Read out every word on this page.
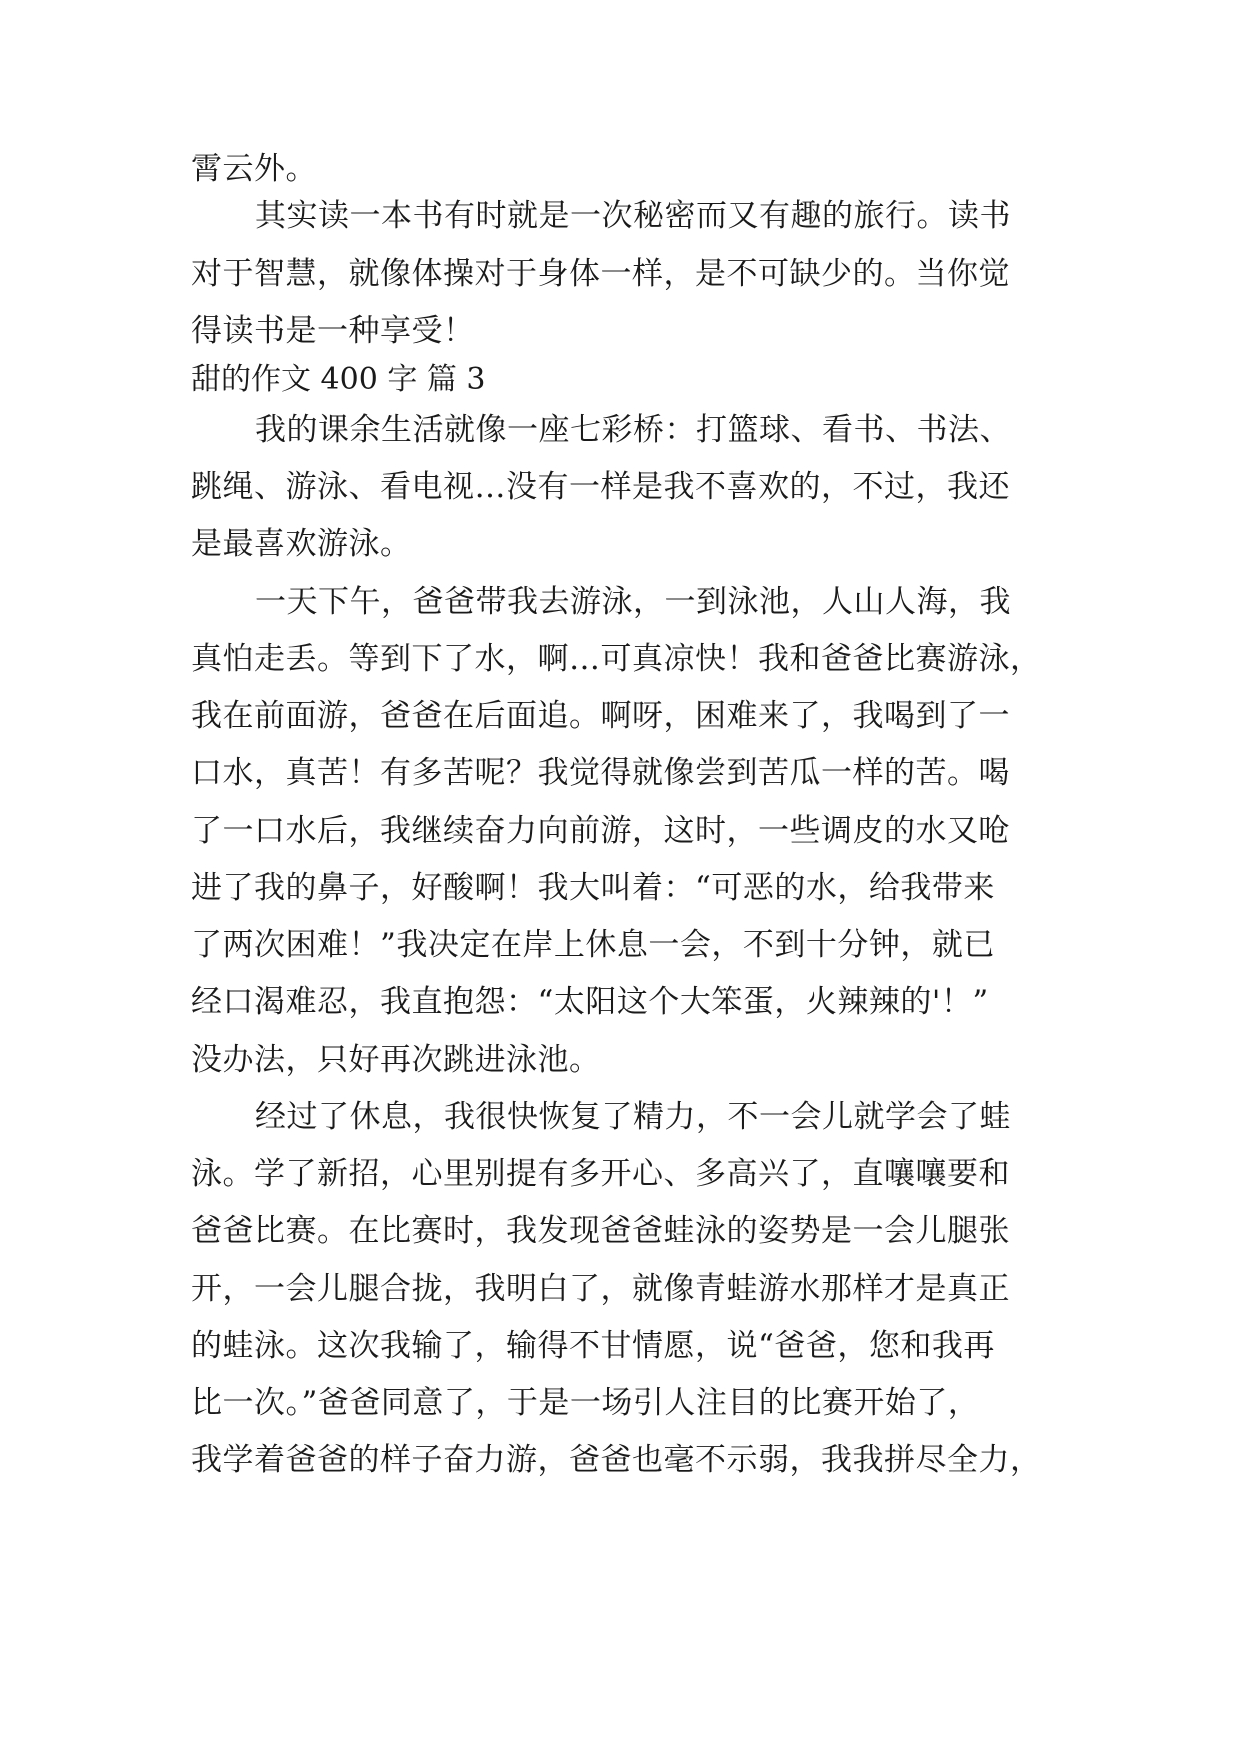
霄云外。
其实读一本书有时就是一次秘密而又有趣的旅行。读书
对于智慧，就像体操对于身体一样，是不可缺少的。当你觉
得读书是一种享受！
甜的作文 400 字 篇 3
我的课余生活就像一座七彩桥：打篮球、看书、书法、
跳绳、游泳、看电视…没有一样是我不喜欢的，不过，我还
是最喜欢游泳。
一天下午，爸爸带我去游泳，一到泳池，人山人海，我
真怕走丢。等到下了水，啊…可真凉快！我和爸爸比赛游泳，
我在前面游，爸爸在后面追。啊呀，困难来了，我喝到了一
口水，真苦！有多苦呢？我觉得就像尝到苦瓜一样的苦。喝
了一口水后，我继续奋力向前游，这时，一些调皮的水又呛
进了我的鼻子，好酸啊！我大叫着：“可恶的水，给我带来
了两次困难！”我决定在岸上休息一会，不到十分钟，就已
经口渴难忍，我直抱怨：“太阳这个大笨蛋，火辣辣的'！”
没办法，只好再次跳进泳池。
经过了休息，我很快恢复了精力，不一会儿就学会了蛙
泳。学了新招，心里别提有多开心、多高兴了，直嚷嚷要和
爸爸比赛。在比赛时，我发现爸爸蛙泳的姿势是一会儿腿张
开，一会儿腿合拢，我明白了，就像青蛙游水那样才是真正
的蛙泳。这次我输了，输得不甘情愿，说“爸爸，您和我再
比一次。”爸爸同意了，于是一场引人注目的比赛开始了，
我学着爸爸的样子奋力游，爸爸也毫不示弱，我我拼尽全力，
